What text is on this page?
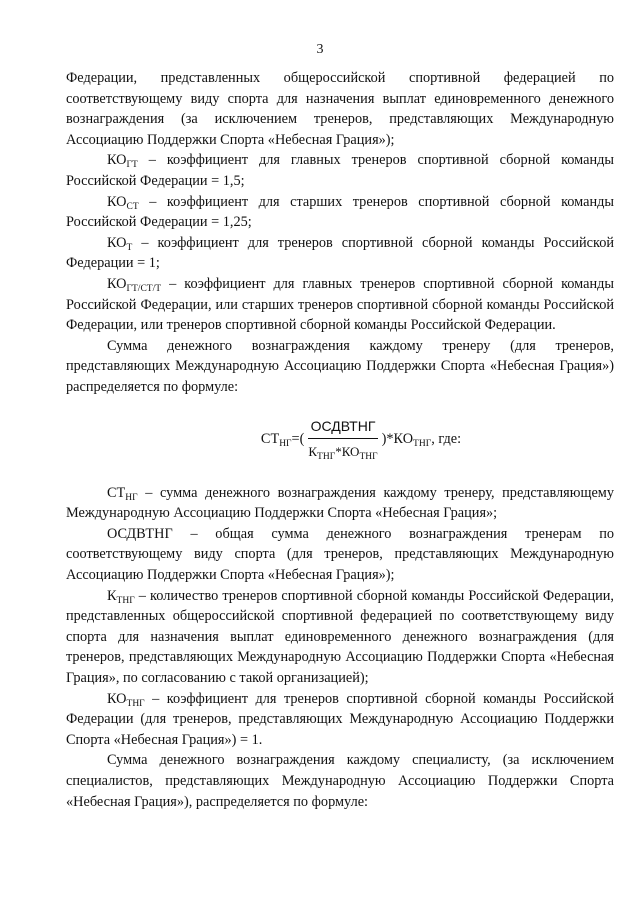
3

Федерации, представленных общероссийской спортивной федерацией по соответствующему виду спорта для назначения выплат единовременного денежного вознаграждения (за исключением тренеров, представляющих Международную Ассоциацию Поддержки Спорта «Небесная Грация»);

$КО_{ГТ}$ – коэффициент для главных тренеров спортивной сборной команды Российской Федерации = 1,5;

$КО_{СТ}$ – коэффициент для старших тренеров спортивной сборной команды Российской Федерации = 1,25;

$КО_Т$ – коэффициент для тренеров спортивной сборной команды Российской Федерации = 1;

$КО_{ГТ/СТ/Т}$ – коэффициент для главных тренеров спортивной сборной команды Российской Федерации, или старших тренеров спортивной сборной команды Российской Федерации, или тренеров спортивной сборной команды Российской Федерации.

Сумма денежного вознаграждения каждому тренеру (для тренеров, представляющих Международную Ассоциацию Поддержки Спорта «Небесная Грация») распределяется по формуле:

$СТ_{НГ}$ =( $\frac{\text{ОСДВТНГ}}{К_{ТНГ}*КО_{ТНГ}} )*КО_{ТНГ}$ , где:

$СТ_{НГ}$ – сумма денежного вознаграждения каждому тренеру, представляющему Международную Ассоциацию Поддержки Спорта «Небесная Грация»;

ОСДВТНГ – общая сумма денежного вознаграждения тренерам по соответствующему виду спорта (для тренеров, представляющих Международную Ассоциацию Поддержки Спорта «Небесная Грация»);

$К_{ТНГ}$ – количество тренеров спортивной сборной команды Российской Федерации, представленных общероссийской спортивной федерацией по соответствующему виду спорта для назначения выплат единовременного денежного вознаграждения (для тренеров, представляющих Международную Ассоциацию Поддержки Спорта «Небесная Грация», по согласованию с такой организацией);

$КО_{ТНГ}$ – коэффициент для тренеров спортивной сборной команды Российской Федерации (для тренеров, представляющих Международную Ассоциацию Поддержки Спорта «Небесная Грация») = 1.

Сумма денежного вознаграждения каждому специалисту, (за исключением специалистов, представляющих Международную Ассоциацию Поддержки Спорта «Небесная Грация»), распределяется по формуле:
